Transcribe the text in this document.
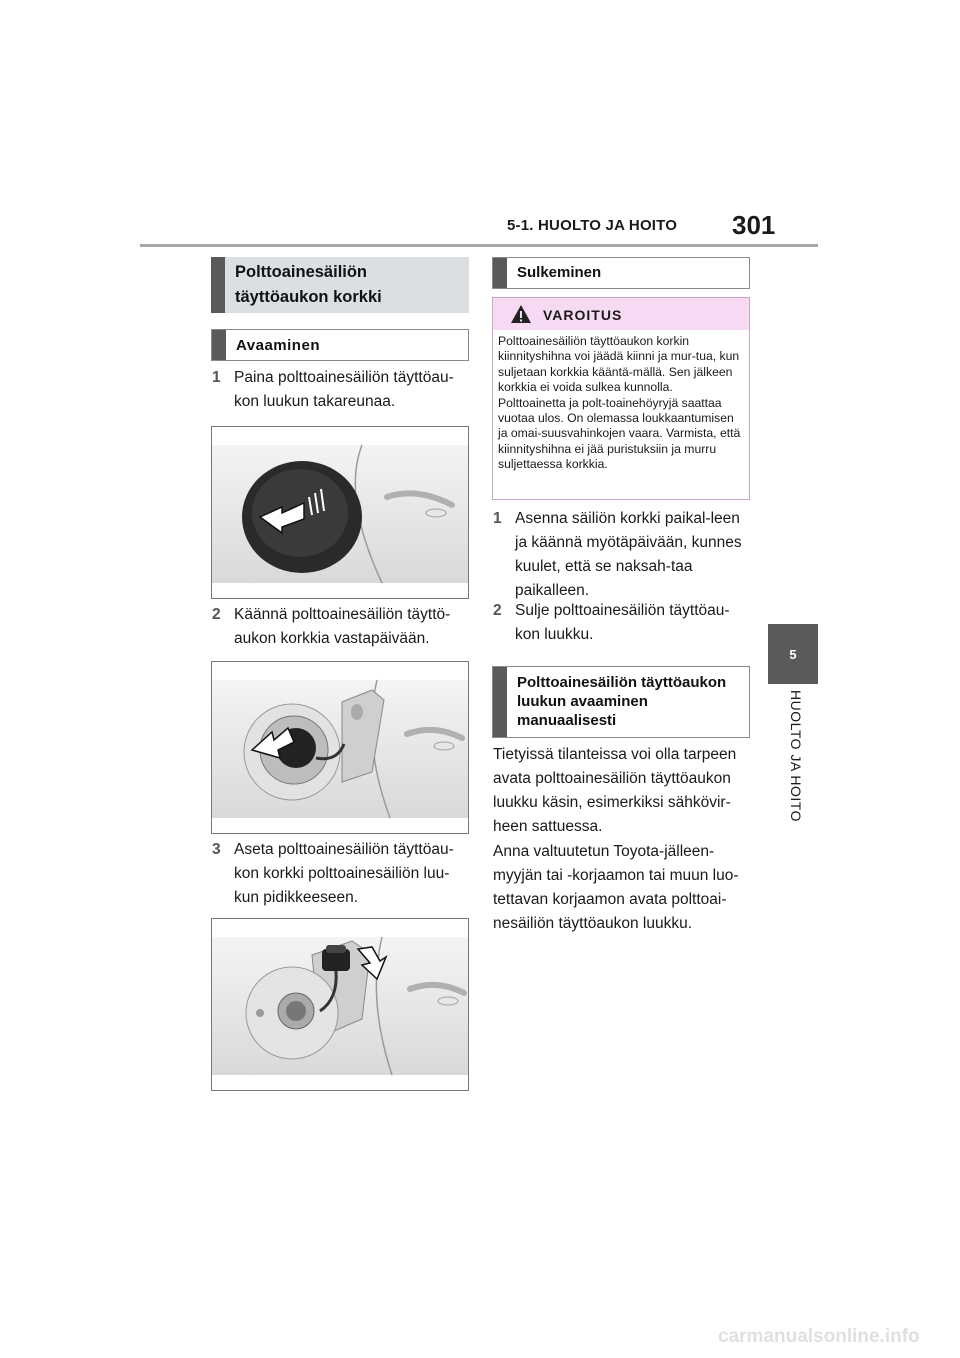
5-1. HUOLTO JA HOITO 301
5
HUOLTO JA HOITO
Polttoainesäiliön täyttöaukon korkki
Avaaminen
1 Paina polttoainesäiliön täyttöau-kon luukun takareunaa.
2 Käännä polttoainesäiliön täyttö-aukon korkkia vastapäivään.
3 Aseta polttoainesäiliön täyttöau-kon korkki polttoainesäiliön luu-kun pidikkeeseen.
Sulkeminen
VAROITUS
Polttoainesäiliön täyttöaukon korkin kiinnityshihna voi jäädä kiinni ja mur-tua, kun suljetaan korkkia kääntä-mällä. Sen jälkeen korkkia ei voida sulkea kunnolla. Polttoainetta ja polt-toainehöyryjä saattaa vuotaa ulos. On olemassa loukkaantumisen ja omai-suusvahinkojen vaara. Varmista, että kiinnityshihna ei jää puristuksiin ja murru suljettaessa korkkia.
1 Asenna säiliön korkki paikal-leen ja käännä myötäpäivään, kunnes kuulet, että se naksah-taa paikalleen.
2 Sulje polttoainesäiliön täyttöau-kon luukku.
Polttoainesäiliön täyttöaukon luukun avaaminen manuaalisesti
Tietyissä tilanteissa voi olla tarpeen avata polttoainesäiliön täyttöaukon luukku käsin, esimerkiksi sähkövir-heen sattuessa.
Anna valtuutetun Toyota-jälleen-myyjän tai -korjaamon tai muun luo-tettavan korjaamon avata polttoai-nesäiliön täyttöaukon luukku.
carmanualsonline.info
